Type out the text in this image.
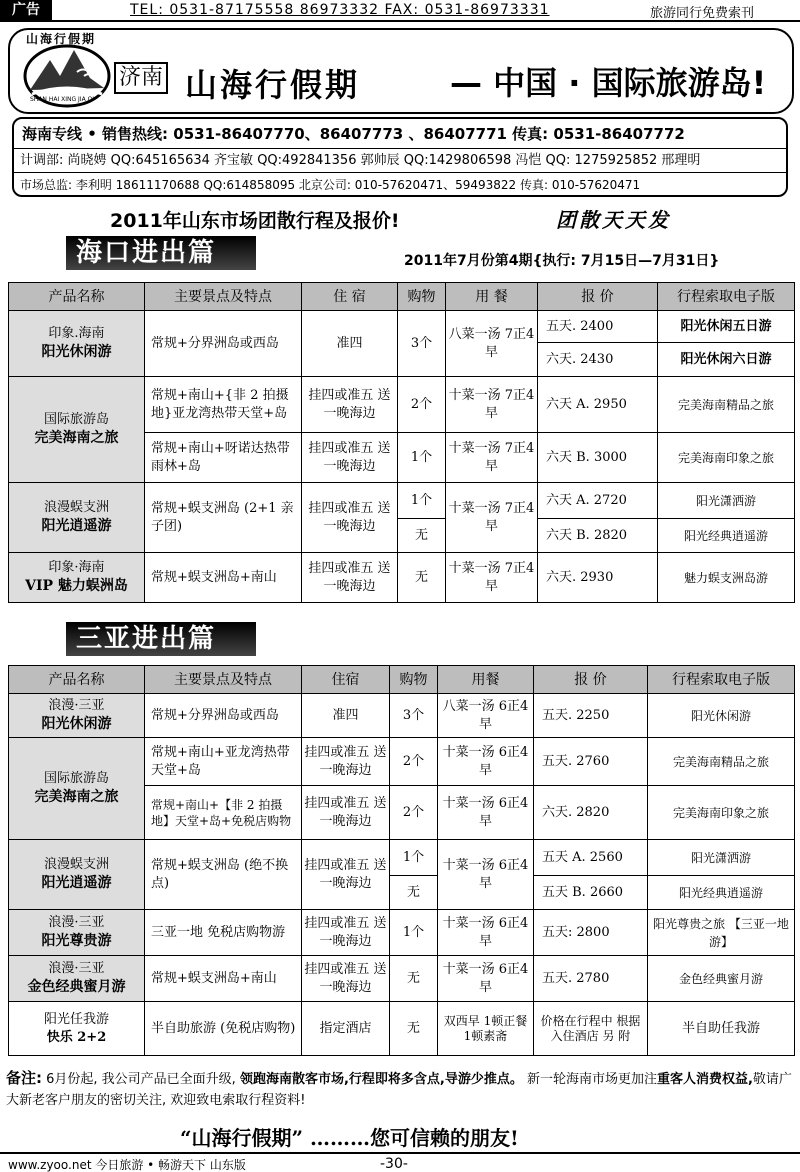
广告	TEL: 0531-87175558 86973332 FAX: 0531-86973331	旅游同行免费索刊
山海行假期
SHAN HAI XING JIA QI
济南 山海行假期	— 中国 · 国际旅游岛!
海南专线 • 销售热线: 0531-86407770、86407773 、86407771 传真: 0531-86407772
计调部: 尚晓娉 QQ:645165634 齐宝敏 QQ:492841356 郭帅辰 QQ:1429806598 冯恺 QQ: 1275925852 邢理明
市场总监: 李利明 18611170688 QQ:614858095 北京公司: 010-57620471、59493822 传真: 010-57620471
2011年山东市场团散行程及报价!	团散天天发
海口进出篇	2011年7月份第4期{执行: 7月15日—7月31日}
产品名称	主要景点及特点	住 宿	购物	用 餐	报 价	行程索取电子版

印象.海南
阳光休闲游	常规+分界洲岛或西岛	准四	3个	八菜一汤 7正4早	五天. 2400	阳光休闲五日游
					六天. 2430	阳光休闲六日游

国际旅游岛
完美海南之旅	常规+南山+{非 2 拍摄地}亚龙湾热带天堂+岛	挂四或准五 送一晚海边	2个	十菜一汤 7正4早	六天 A. 2950	完美海南精品之旅
	常规+南山+呀诺达热带雨林+岛	挂四或准五 送一晚海边	1个	十菜一汤 7正4早	六天 B. 3000	完美海南印象之旅

浪漫蜈支洲
阳光逍遥游	常规+蜈支洲岛 (2+1 亲子团)	挂四或准五 送一晚海边	1个	十菜一汤 7正4早	六天 A. 2720	阳光潇洒游
			无		六天 B. 2820	阳光经典逍遥游

印象·海南
VIP 魅力蜈洲岛	常规+蜈支洲岛+南山	挂四或准五 送一晚海边	无	十菜一汤 7正4早	六天. 2930	魅力蜈支洲岛游
三亚进出篇
产品名称	主要景点及特点	住宿	购物	用餐	报 价	行程索取电子版

浪漫·三亚
阳光休闲游	常规+分界洲岛或西岛	准四	3个	八菜一汤 6正4早	五天. 2250	阳光休闲游

国际旅游岛
完美海南之旅	常规+南山+亚龙湾热带天堂+岛	挂四或准五 送一晚海边	2个	十菜一汤 6正4早	五天. 2760	完美海南精品之旅
	常规+南山+【非 2 拍摄地】天堂+岛+免税店购物	挂四或准五 送一晚海边	2个	十菜一汤 6正4早	六天. 2820	完美海南印象之旅

浪漫蜈支洲
阳光逍遥游	常规+蜈支洲岛 (绝不换点)	挂四或准五 送一晚海边	1个	十菜一汤 6正4早	五天 A. 2560	阳光潇洒游
			无		五天 B. 2660	阳光经典逍遥游

浪漫·三亚
阳光尊贵游	三亚一地 免税店购物游	挂四或准五 送一晚海边	1个	十菜一汤 6正4早	五天: 2800	阳光尊贵之旅 【三亚一地游】

浪漫·三亚
金色经典蜜月游	常规+蜈支洲岛+南山	挂四或准五 送一晚海边	无	十菜一汤 6正4早	五天. 2780	金色经典蜜月游

阳光任我游
快乐 2+2	半自助旅游 (免税店购物)	指定酒店	无	双西早 1顿正餐 1顿素斋	价格在行程中 根据入住酒店 另 附	半自助任我游
备注: 6月份起, 我公司产品已全面升级, 领跑海南散客市场,行程即将多含点,导游少推点。 新一轮海南市场更加注重客人消费权益,敬请广大新老客户朋友的密切关注, 欢迎致电索取行程资料!
“山海行假期” ………您可信赖的朋友!
www.zyoo.net 今日旅游 • 畅游天下 山东版	-30-
